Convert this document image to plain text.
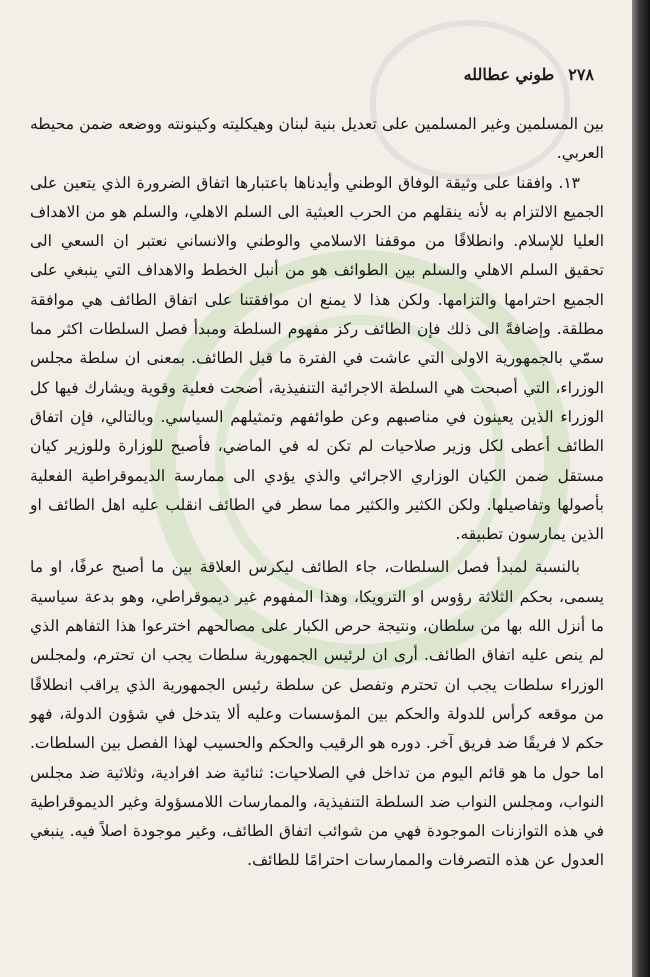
٢٧٨
طوني عطالله

بين المسلمين وغير المسلمين على تعديل بنية لبنان وهيكليته وكينونته ووضعه ضمن محيطه العربي.

١٣. وافقنا على وثيقة الوفاق الوطني وأيدناها باعتبارها اتفاق الضرورة الذي يتعين على الجميع الالتزام به لأنه ينقلهم من الحرب العبثية الى السلم الاهلي، والسلم هو من الاهداف العليا للإسلام. وانطلاقًا من موقفنا الاسلامي والوطني والانساني نعتبر ان السعي الى تحقيق السلم الاهلي والسلم بين الطوائف هو من أنبل الخطط والاهداف التي ينبغي على الجميع احترامها والتزامها. ولكن هذا لا يمنع ان موافقتنا على اتفاق الطائف هي موافقة مطلقة. وإضافةً الى ذلك فإن الطائف ركز مفهوم السلطة ومبدأ فصل السلطات اكثر مما سمّي بالجمهورية الاولى التي عاشت في الفترة ما قبل الطائف. بمعنى ان سلطة مجلس الوزراء، التي أصبحت هي السلطة الاجرائية التنفيذية، أضحت فعلية وقوية ويشارك فيها كل الوزراء الذين يعينون في مناصبهم وعن طوائفهم وتمثيلهم السياسي. وبالتالي، فإن اتفاق الطائف أعطى لكل وزير صلاحيات لم تكن له في الماضي، فأصبح للوزارة وللوزير كيان مستقل ضمن الكيان الوزاري الاجرائي والذي يؤدي الى ممارسة الديموقراطية الفعلية بأصولها وتفاصيلها. ولكن الكثير والكثير مما سطر في الطائف انقلب عليه اهل الطائف او الذين يمارسون تطبيقه.

بالنسبة لمبدأ فصل السلطات، جاء الطائف ليكرس العلاقة بين ما أصبح عرفًا، او ما يسمى، بحكم الثلاثة رؤوس او الترويكا، وهذا المفهوم غير ديموقراطي، وهو بدعة سياسية ما أنزل الله بها من سلطان، ونتيجة حرص الكبار على مصالحهم اخترعوا هذا التفاهم الذي لم ينص عليه اتفاق الطائف. أرى ان لرئيس الجمهورية سلطات يجب ان تحترم، ولمجلس الوزراء سلطات يجب ان تحترم وتفصل عن سلطة رئيس الجمهورية الذي يراقب انطلاقًا من موقعه كرأس للدولة والحكم بين المؤسسات وعليه ألا يتدخل في شؤون الدولة، فهو حكم لا فريقًا ضد فريق آخر. دوره هو الرقيب والحكم والحسيب لهذا الفصل بين السلطات. اما حول ما هو قائم اليوم من تداخل في الصلاحيات: ثنائية ضد افرادية، وثلاثية ضد مجلس النواب، ومجلس النواب ضد السلطة التنفيذية، والممارسات اللامسؤولة وغير الديموقراطية في هذه التوازنات الموجودة فهي من شوائب اتفاق الطائف، وغير موجودة اصلاً فيه. ينبغي العدول عن هذه التصرفات والممارسات احترامًا للطائف.
